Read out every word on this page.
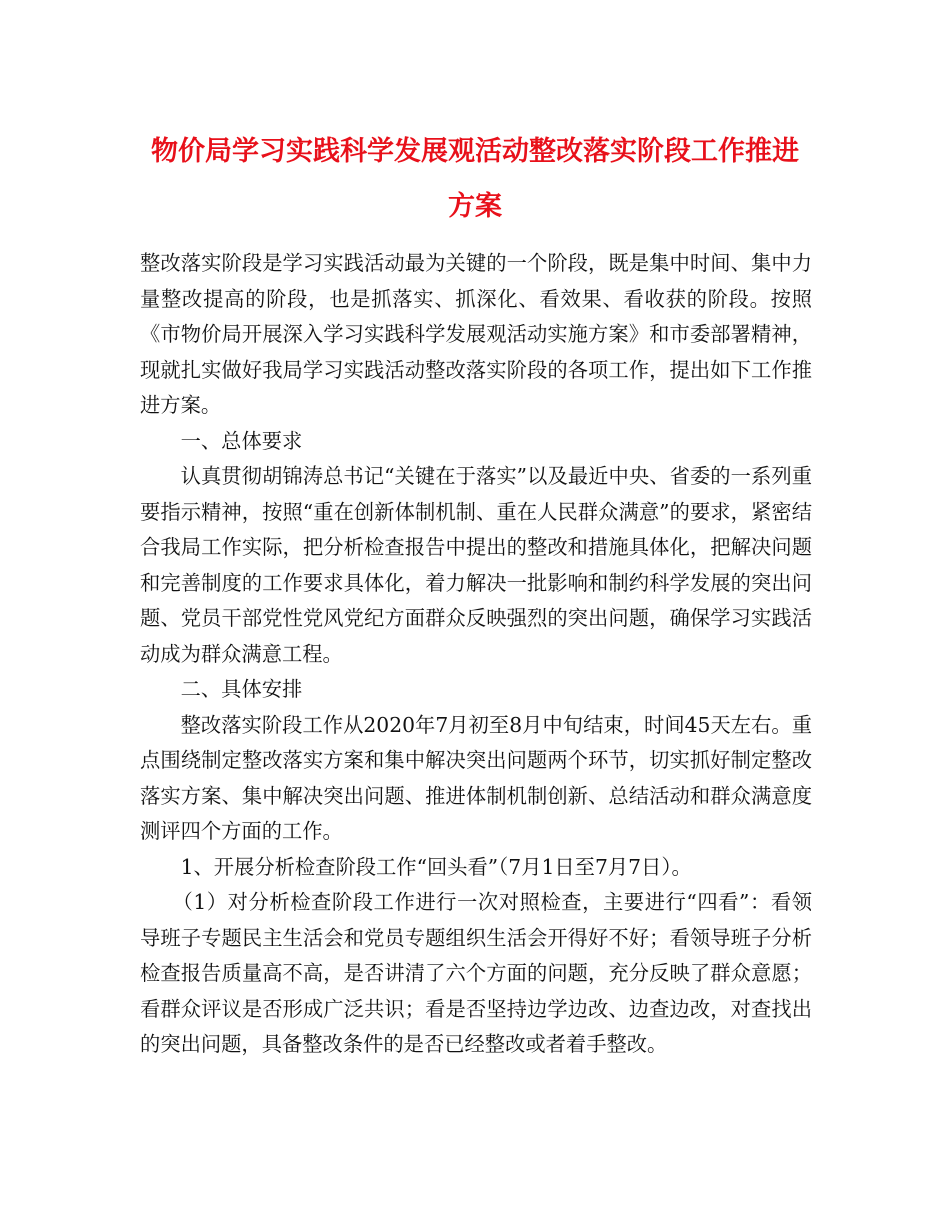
物价局学习实践科学发展观活动整改落实阶段工作推进方案

整改落实阶段是学习实践活动最为关键的一个阶段，既是集中时间、集中力量整改提高的阶段，也是抓落实、抓深化、看效果、看收获的阶段。按照《市物价局开展深入学习实践科学发展观活动实施方案》和市委部署精神，现就扎实做好我局学习实践活动整改落实阶段的各项工作，提出如下工作推进方案。

一、总体要求

认真贯彻胡锦涛总书记“关键在于落实”以及最近中央、省委的一系列重要指示精神，按照“重在创新体制机制、重在人民群众满意”的要求，紧密结合我局工作实际，把分析检查报告中提出的整改和措施具体化，把解决问题和完善制度的工作要求具体化，着力解决一批影响和制约科学发展的突出问题、党员干部党性党风党纪方面群众反映强烈的突出问题，确保学习实践活动成为群众满意工程。

二、具体安排

整改落实阶段工作从2020年7月初至8月中旬结束，时间45天左右。重点围绕制定整改落实方案和集中解决突出问题两个环节，切实抓好制定整改落实方案、集中解决突出问题、推进体制机制创新、总结活动和群众满意度测评四个方面的工作。

1、开展分析检查阶段工作“回头看”（7月1日至7月7日）。

（1）对分析检查阶段工作进行一次对照检查，主要进行“四看”：看领导班子专题民主生活会和党员专题组织生活会开得好不好；看领导班子分析检查报告质量高不高，是否讲清了六个方面的问题，充分反映了群众意愿；看群众评议是否形成广泛共识；看是否坚持边学边改、边查边改，对查找出的突出问题，具备整改条件的是否已经整改或者着手整改。
